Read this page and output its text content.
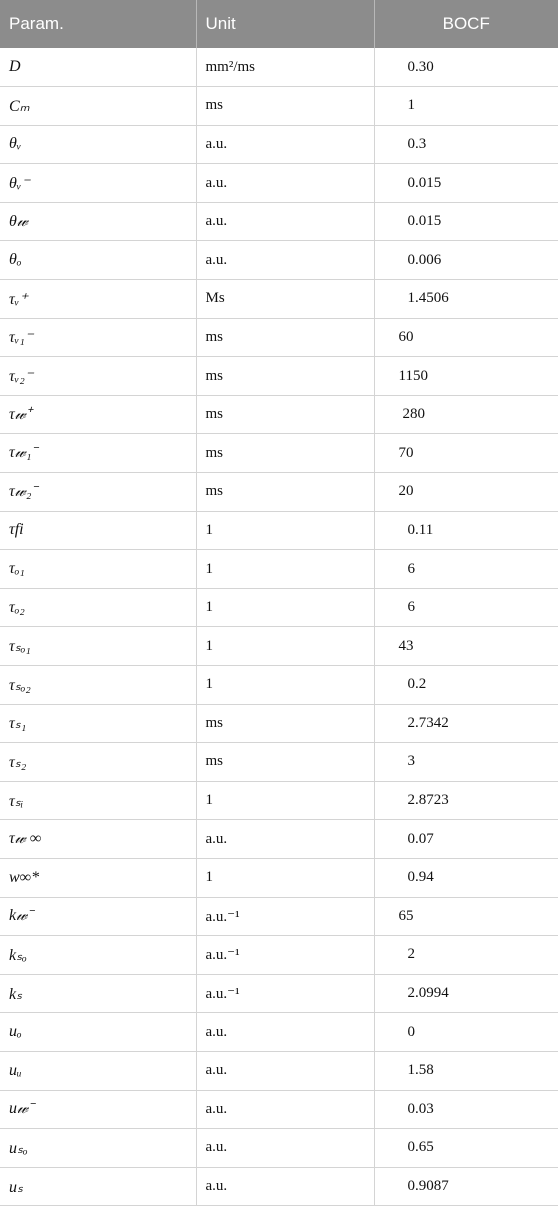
Param.	Unit	BOCF
D	mm²/ms	0.30
Cₘ	ms	1
θᵥ	a.u.	0.3
θᵥ⁻	a.u.	0.015
θ𝓌	a.u.	0.015
θₒ	a.u.	0.006
τᵥ⁺	Ms	1.4506
τᵥ₁⁻	ms	60
τᵥ₂⁻	ms	1150
τ𝓌⁺	ms	280
τ𝓌₁⁻	ms	70
τ𝓌₂⁻	ms	20
τfi	1	0.11
τₒ₁	1	6
τₒ₂	1	6
τₛₒ₁	1	43
τₛₒ₂	1	0.2
τₛ₁	ms	2.7342
τₛ₂	ms	3
τₛᵢ	1	2.8723
τ𝓌 ∞	a.u.	0.07
w∞*	1	0.94
k𝓌⁻	a.u.⁻¹	65
kₛₒ	a.u.⁻¹	2
kₛ	a.u.⁻¹	2.0994
uₒ	a.u.	0
uᵤ	a.u.	1.58
u𝓌⁻	a.u.	0.03
uₛₒ	a.u.	0.65
uₛ	a.u.	0.9087
